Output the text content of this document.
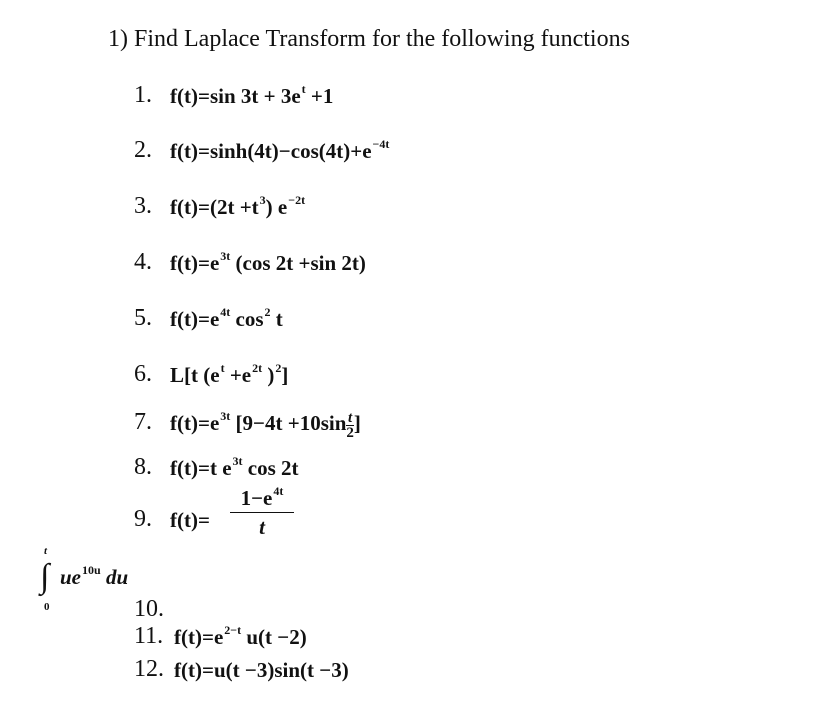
1) Find Laplace Transform for the following functions
1. f(t)=sin $3t + 3e^t +1$
2. $f(t)=\sinh(4t)-\cos(4t)+e^{-4t}$
3. $f(t)=(2t +t^3)$ $e^{-2t}$
4. $f(t)=e^{3t}$ (cos 2t +sin 2t)
5. $f(t)=e^{4t}$ $\cos^2 t$
6. L[t ($e^t +e^{2t}$ )$^2$]
7. $f(t)=e^{3t}$ [$9-4t +10\sin \frac{t}{2}$ ]
8. f(t)=t $e^{3t}$ cos 2t
9. f(t)=
$1-e^{4t}$
t
t
∫
0
$ue^{10u}$ du
10.
11. $f(t)=e^{2-t}$ u(t −2)
12. f(t)=u(t −3)sin(t −3)
